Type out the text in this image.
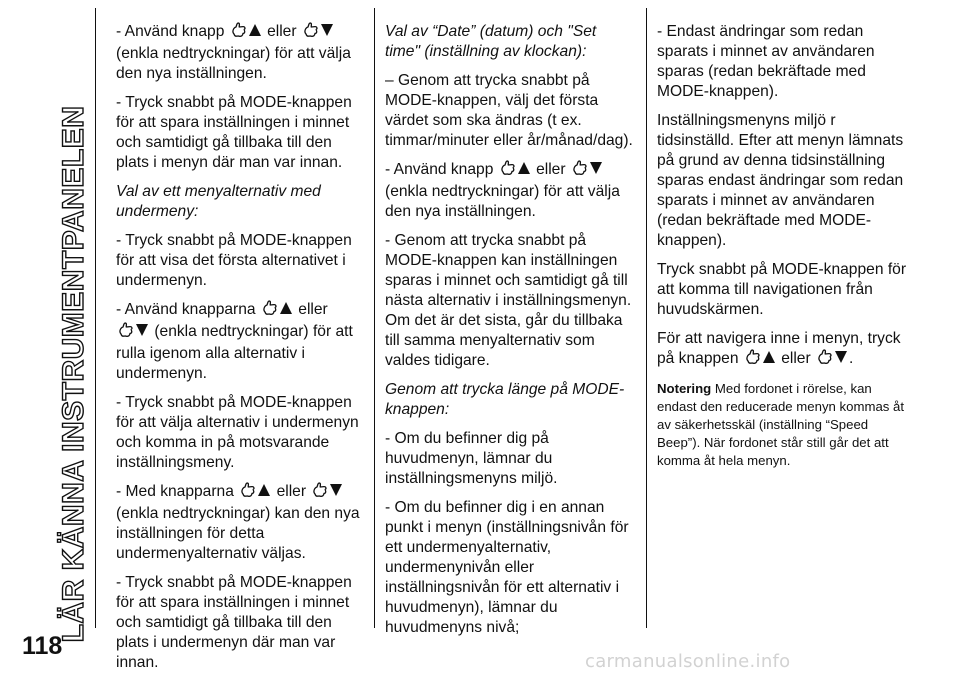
LÄR KÄNNA INSTRUMENTPANELEN

- Använd knapp	eller  (enkla nedtryckningar) för att välja den nya inställningen.

- Tryck snabbt på MODE-knappen för att spara inställningen i minnet och samtidigt gå tillbaka till den plats i menyn där man var innan.

Val av ett menyalternativ med undermeny:

- Tryck snabbt på MODE-knappen för att visa det första alternativet i undermenyn.

- Använd knapparna	eller  (enkla nedtryckningar) för att rulla igenom alla alternativ i undermenyn.

- Tryck snabbt på MODE-knappen för att välja alternativ i undermenyn och komma in på motsvarande inställningsmeny.

- Med knapparna	eller  (enkla nedtryckningar) kan den nya inställningen för detta undermenyalternativ väljas.

- Tryck snabbt på MODE-knappen för att spara inställningen i minnet och samtidigt gå tillbaka till den plats i undermenyn där man var innan.

Val av “Date” (datum) och "Set time" (inställning av klockan):

– Genom att trycka snabbt på MODE-knappen, välj det första värdet som ska ändras (t ex. timmar/minuter eller år/månad/dag).

- Använd knapp	eller  (enkla nedtryckningar) för att välja den nya inställningen.

- Genom att trycka snabbt på MODE-knappen kan inställningen sparas i minnet och samtidigt gå till nästa alternativ i inställningsmenyn. Om det är det sista, går du tillbaka till samma menyalternativ som valdes tidigare.

Genom att trycka länge på MODE-knappen:

- Om du befinner dig på huvudmenyn, lämnar du inställningsmenyns miljö.

- Om du befinner dig i en annan punkt i menyn (inställningsnivån för ett undermenyalternativ, undermenynivån eller inställningsnivån för ett alternativ i huvudmenyn), lämnar du huvudmenyns nivå;

- Endast ändringar som redan sparats i minnet av användaren sparas (redan bekräftade med MODE-knappen).

Inställningsmenyns miljö r tidsinställd. Efter att menyn lämnats på grund av denna tidsinställning sparas endast ändringar som redan sparats i minnet av användaren (redan bekräftade med MODE-knappen).

Tryck snabbt på MODE-knappen för att komma till navigationen från huvudskärmen.

För att navigera inne i menyn, tryck på knappen	eller .

Notering Med fordonet i rörelse, kan endast den reducerade menyn kommas åt av säkerhetsskäl (inställning “Speed Beep”). När fordonet står still går det att komma åt hela menyn.

118
carmanualsonline.info
